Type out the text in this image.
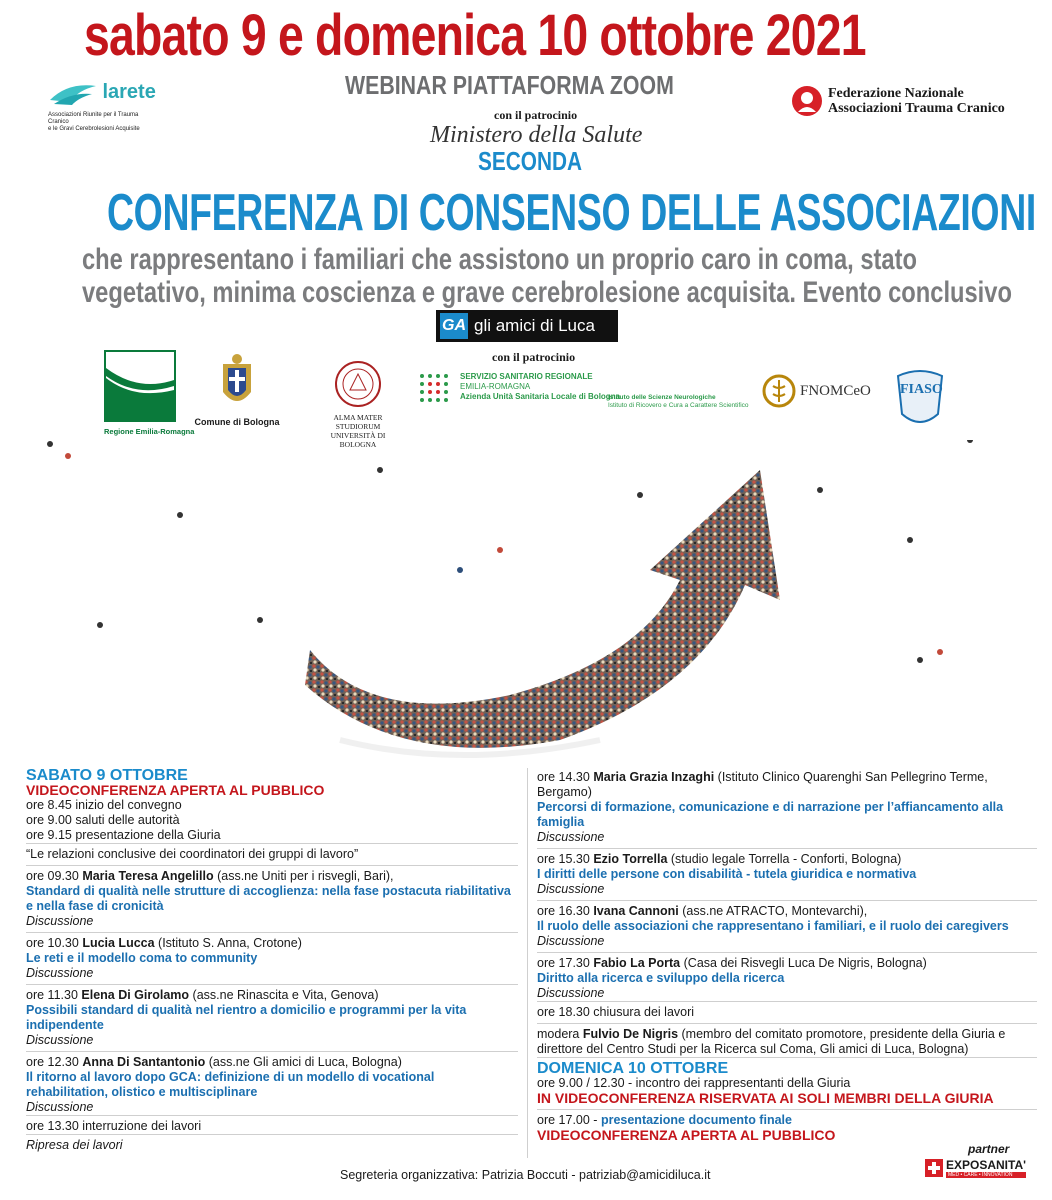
sabato 9 e domenica 10 ottobre 2021
larete
Associazioni Riunite per il Trauma Cranico
e le Gravi Cerebrolesioni Acquisite
WEBINAR PIATTAFORMA ZOOM	Federazione Nazionale
Associazioni Trauma Cranico
con il patrocinio
Ministero della Salute
SECONDA
CONFERENZA DI CONSENSO DELLE ASSOCIAZIONI
che rappresentano i familiari che assistono un proprio caro in coma, stato
vegetativo, minima coscienza e grave cerebrolesione acquisita. Evento conclusivo
GA gli amici di Luca
con il patrocinio
Regione Emilia-Romagna
Comune di Bologna	ALMA MATER STUDIORUM
UNIVERSITÀ DI BOLOGNA
SERVIZIO SANITARIO REGIONALE
EMILIA-ROMAGNA
Azienda Unità Sanitaria Locale di Bologna
Istituto delle Scienze Neurologiche
Istituto di Ricovero e Cura a Carattere Scientifico
FNOMCeO FIASO

SABATO 9 OTTOBRE

VIDEOCONFERENZA APERTA AL PUBBLICO

ore 8.45 inizio del convegno

ore 9.00 saluti delle autorità

ore 9.15 presentazione della Giuria

“Le relazioni conclusive dei coordinatori dei gruppi di lavoro”

ore 09.30 Maria Teresa Angelillo (ass.ne Uniti per i risvegli, Bari),

Standard di qualità nelle strutture di accoglienza: nella fase postacuta riabilitativa e nella fase di cronicità

Discussione

ore 10.30 Lucia Lucca (Istituto S. Anna, Crotone)

Le reti e il modello coma to community

Discussione

ore 11.30 Elena Di Girolamo (ass.ne Rinascita e Vita, Genova)

Possibili standard di qualità nel rientro a domicilio e programmi per la vita indipendente

Discussione

ore 12.30 Anna Di Santantonio (ass.ne Gli amici di Luca, Bologna)

Il ritorno al lavoro dopo GCA: definizione di un modello di vocational rehabilitation, olistico e multisciplinare

Discussione

ore 13.30 interruzione dei lavori

Ripresa dei lavori

ore 14.30 Maria Grazia Inzaghi (Istituto Clinico Quarenghi San Pellegrino Terme, Bergamo)

Percorsi di formazione, comunicazione e di narrazione per l’affiancamento alla famiglia

Discussione

ore 15.30 Ezio Torrella (studio legale Torrella - Conforti, Bologna)

I diritti delle persone con disabilità - tutela giuridica e normativa

Discussione

ore 16.30 Ivana Cannoni (ass.ne ATRACTO, Montevarchi),

Il ruolo delle associazioni che rappresentano i familiari, e il ruolo dei caregivers

Discussione

ore 17.30 Fabio La Porta (Casa dei Risvegli Luca De Nigris, Bologna)

Diritto alla ricerca e sviluppo della ricerca

Discussione

ore 18.30 chiusura dei lavori

modera Fulvio De Nigris (membro del comitato promotore, presidente della Giuria e direttore del Centro Studi per la Ricerca sul Coma, Gli amici di Luca, Bologna)

DOMENICA 10 OTTOBRE

ore 9.00 / 12.30 - incontro dei rappresentanti della Giuria

IN VIDEOCONFERENZA RISERVATA AI SOLI MEMBRI DELLA GIURIA

ore 17.00 - presentazione documento finale

VIDEOCONFERENZA APERTA AL PUBBLICO

partner
EXPOSANITA'
MED • CARE • INNOVATION
Segreteria organizzativa: Patrizia Boccuti - patriziab@amicidiluca.it
